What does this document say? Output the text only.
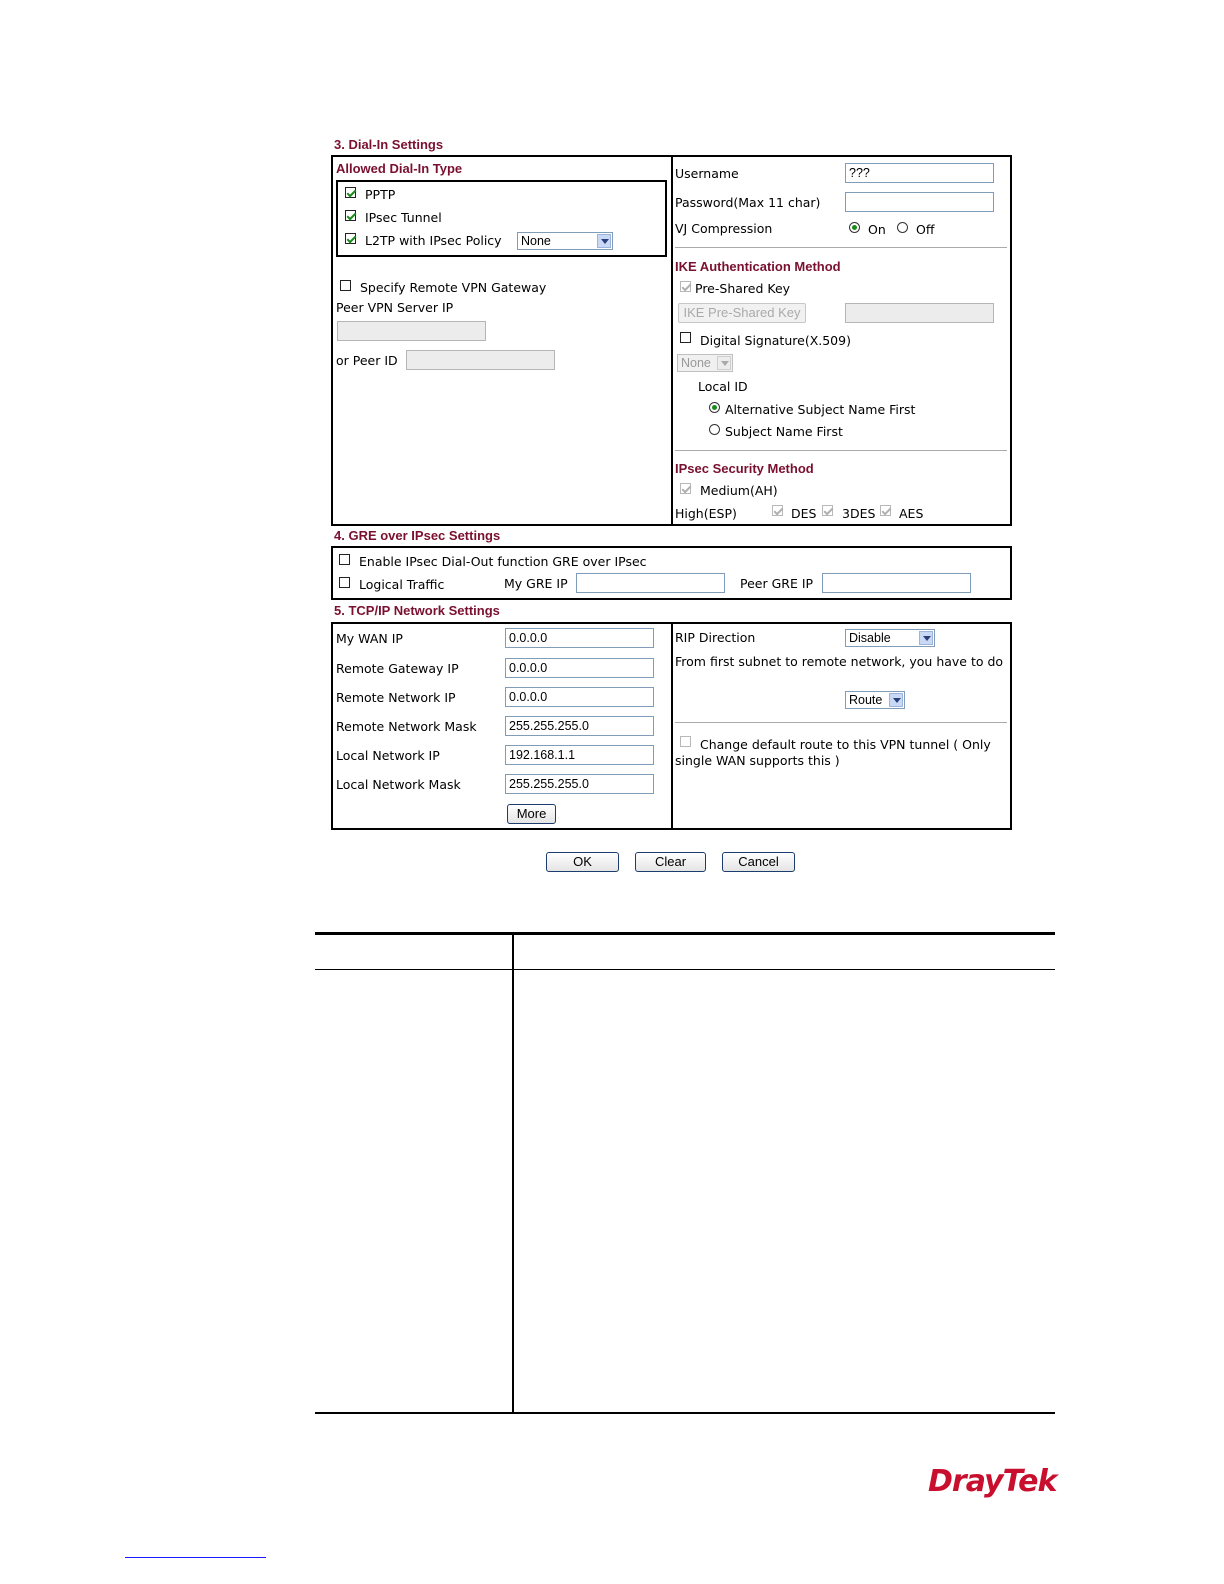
3. Dial-In Settings
Allowed Dial-In Type
PPTP
IPsec Tunnel
L2TP with IPsec Policy	None
Specify Remote VPN Gateway
Peer VPN Server IP
or Peer ID
Username	???
Password(Max 11 char)
VJ Compression	On Off
IKE Authentication Method
Pre-Shared Key
IKE Pre-Shared Key
Digital Signature(X.509)
None
Local ID
Alternative Subject Name First
Subject Name First
IPsec Security Method
Medium(AH)
High(ESP)	DES 3DES AES
4. GRE over IPsec Settings
Enable IPsec Dial-Out function GRE over IPsec
Logical Traffic	My GRE IP	Peer GRE IP
5. TCP/IP Network Settings
My WAN IP	0.0.0.0
Remote Gateway IP	0.0.0.0
Remote Network IP	0.0.0.0
Remote Network Mask	255.255.255.0
Local Network IP	192.168.1.1
Local Network Mask	255.255.255.0
More
RIP Direction	Disable
From first subnet to remote network, you have to do
Route
Change default route to this VPN tunnel ( Only single WAN supports this )
OK	Clear	Cancel
DrayTek
